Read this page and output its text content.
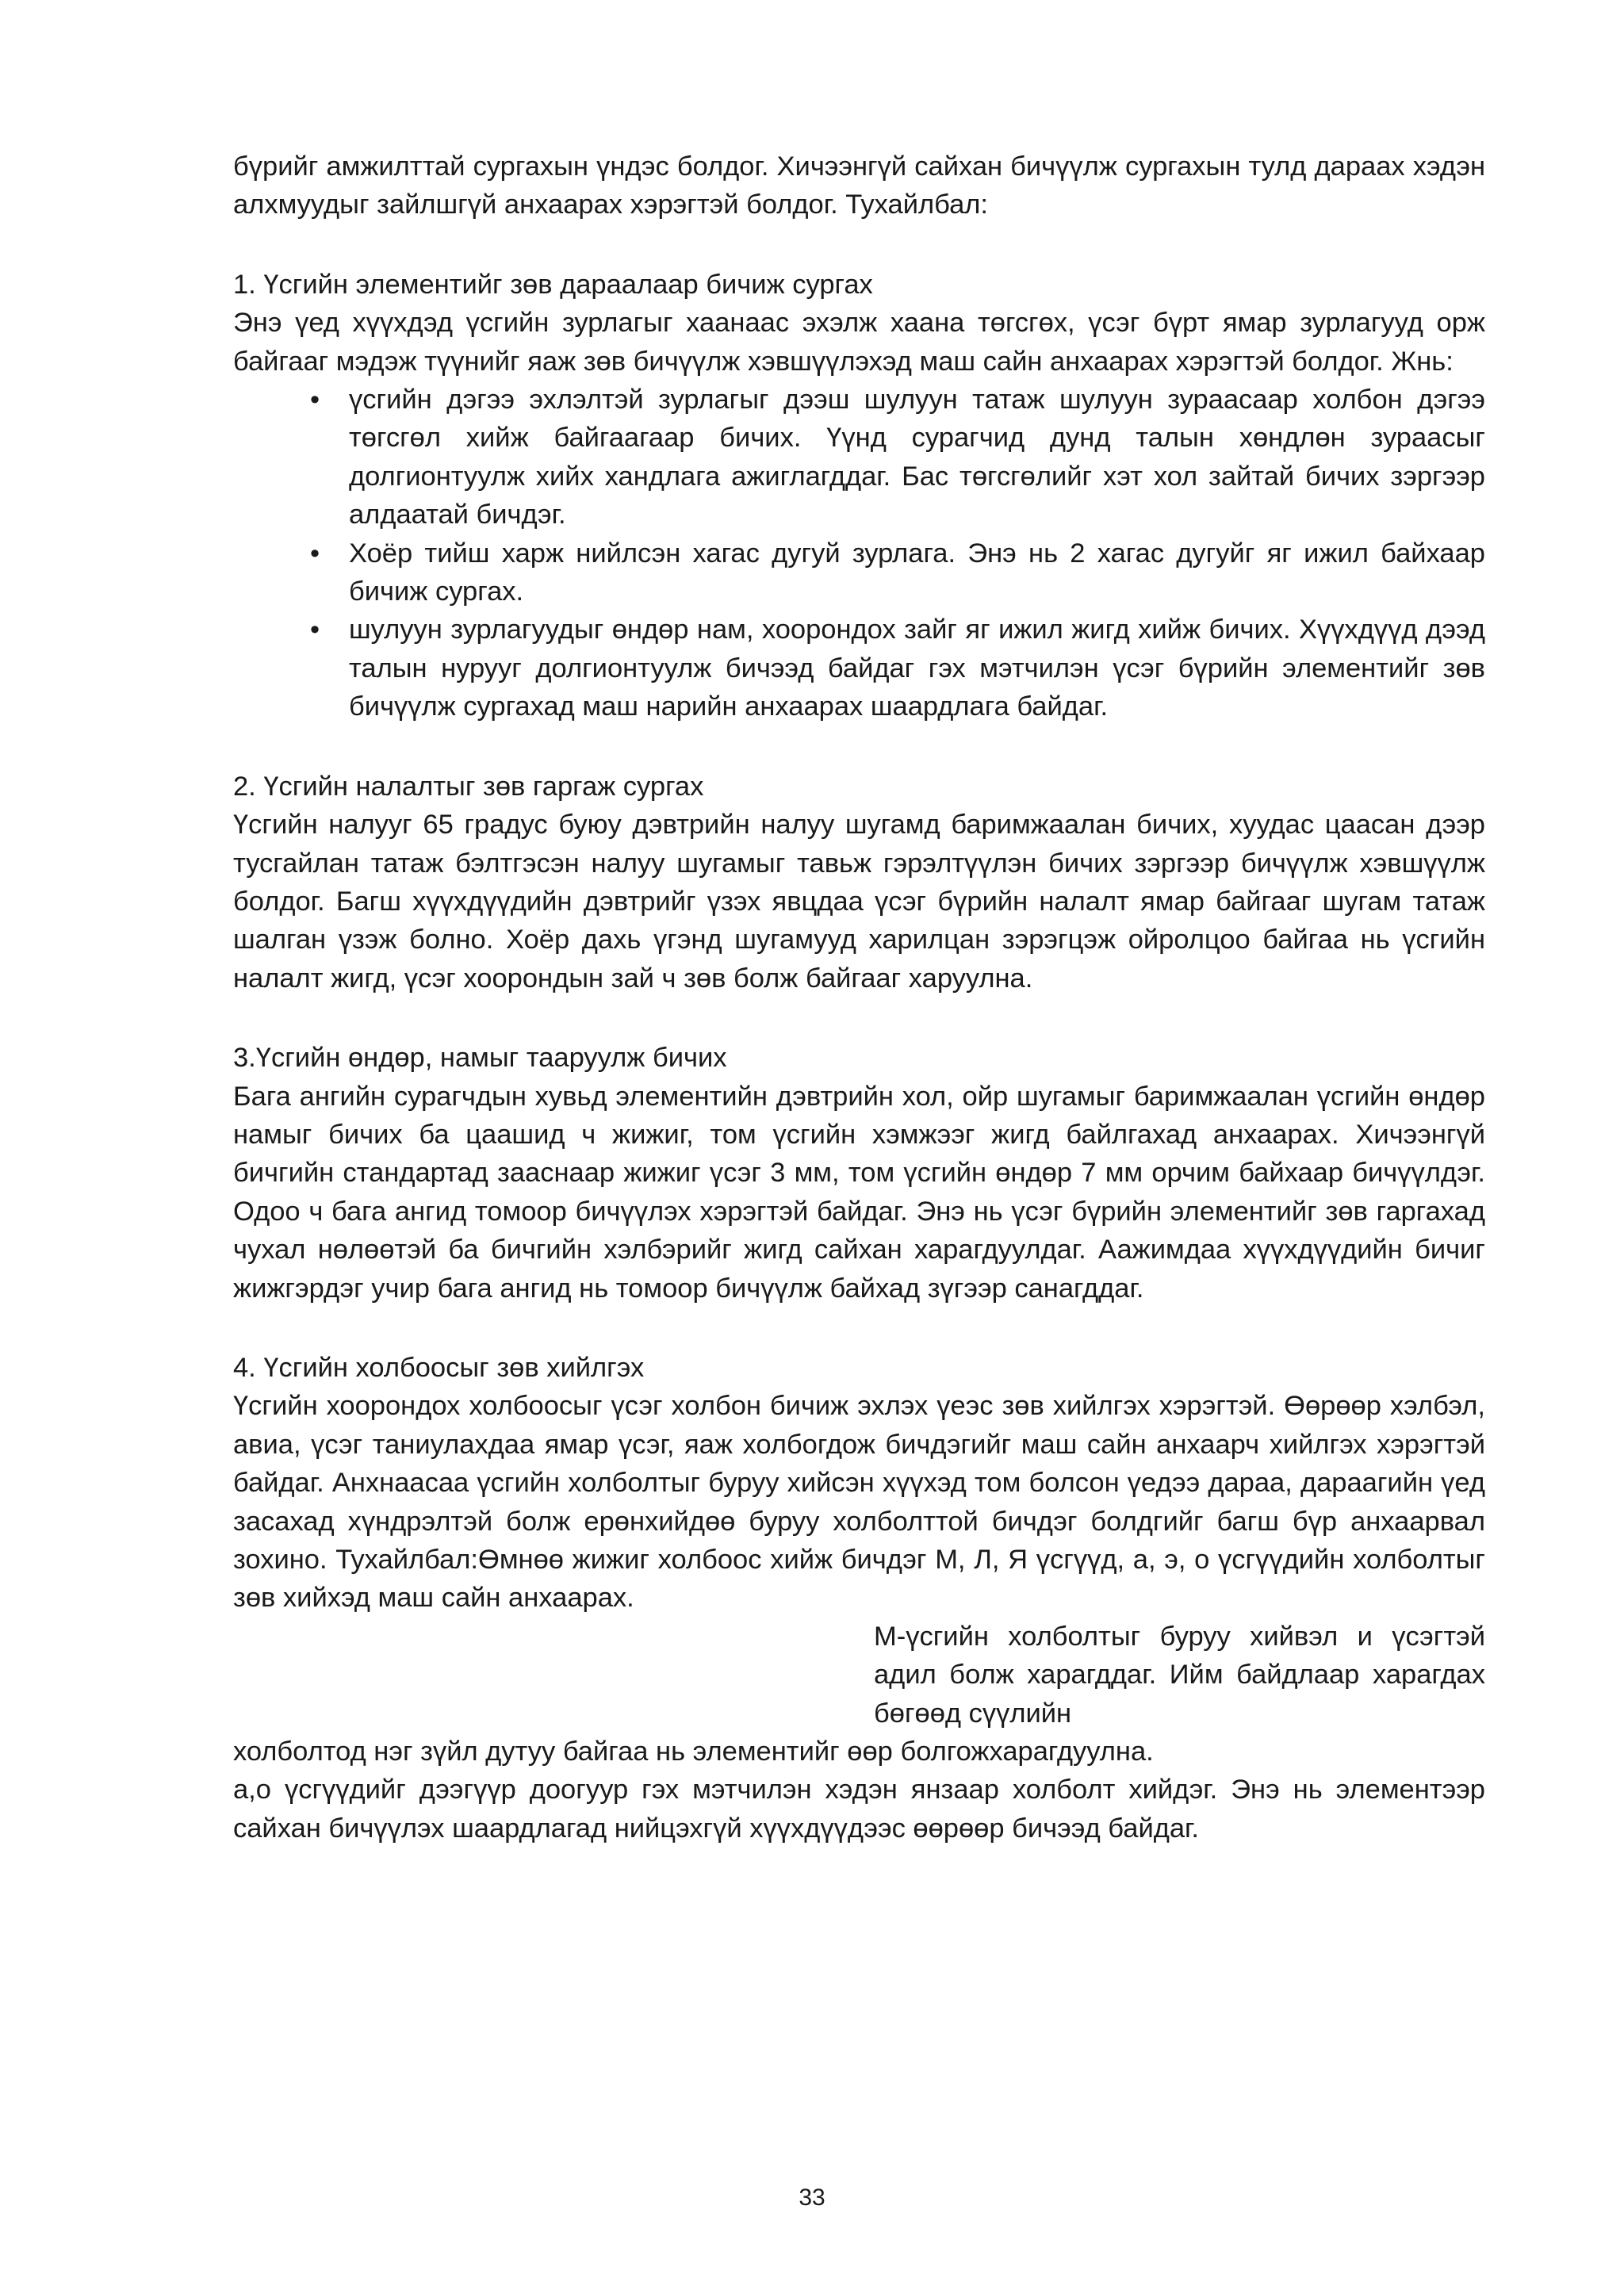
бүрийг амжилттай сургахын үндэс болдог. Хичээнгүй сайхан бичүүлж сургахын тулд дараах хэдэн алхмуудыг зайлшгүй анхаарах хэрэгтэй болдог. Тухайлбал:

1. Үсгийн элементийг зөв дараалаар бичиж сургах

Энэ үед хүүхдэд үсгийн зурлагыг хаанаас эхэлж хаана төгсгөх, үсэг бүрт ямар зурлагууд орж байгааг мэдэж түүнийг яаж зөв бичүүлж хэвшүүлэхэд маш сайн анхаарах хэрэгтэй болдог. Жнь:

• үсгийн дэгээ эхлэлтэй зурлагыг дээш шулуун татаж шулуун зураасаар холбон дэгээ төгсгөл хийж байгаагаар бичих. Үүнд сурагчид дунд талын хөндлөн зураасыг долгионтуулж хийх хандлага ажиглагддаг. Бас төгсгөлийг хэт хол зайтай бичих зэргээр алдаатай бичдэг.
• Хоёр тийш харж нийлсэн хагас дугуй зурлага. Энэ нь 2 хагас дугуйг яг ижил байхаар бичиж сургах.
• шулуун зурлагуудыг өндөр нам, хоорондох зайг яг ижил жигд хийж бичих. Хүүхдүүд дээд талын нурууг долгионтуулж бичээд байдаг гэх мэтчилэн үсэг бүрийн элементийг зөв бичүүлж сургахад маш нарийн анхаарах шаардлага байдаг.

2. Үсгийн налалтыг зөв гаргаж сургах

Үсгийн налууг 65 градус буюу дэвтрийн налуу шугамд баримжаалан бичих, хуудас цаасан дээр тусгайлан татаж бэлтгэсэн налуу шугамыг тавьж гэрэлтүүлэн бичих зэргээр бичүүлж хэвшүүлж болдог. Багш хүүхдүүдийн дэвтрийг үзэх явцдаа үсэг бүрийн налалт ямар байгааг шугам татаж шалган үзэж болно. Хоёр дахь үгэнд шугамууд харилцан зэрэгцэж ойролцоо байгаа нь үсгийн налалт жигд, үсэг хоорондын зай ч зөв болж байгааг харуулна.

3.Үсгийн өндөр, намыг тааруулж бичих

Бага ангийн сурагчдын хувьд элементийн дэвтрийн хол, ойр шугамыг баримжаалан үсгийн өндөр намыг бичих ба цаашид ч жижиг, том үсгийн хэмжээг жигд байлгахад анхаарах. Хичээнгүй бичгийн стандартад зааснаар жижиг үсэг 3 мм, том үсгийн өндөр 7 мм орчим байхаар бичүүлдэг. Одоо ч бага ангид томоор бичүүлэх хэрэгтэй байдаг. Энэ нь үсэг бүрийн элементийг зөв гаргахад чухал нөлөөтэй ба бичгийн хэлбэрийг жигд сайхан харагдуулдаг. Аажимдаа хүүхдүүдийн бичиг жижгэрдэг учир бага ангид нь томоор бичүүлж байхад зүгээр санагддаг.

4. Үсгийн холбоосыг зөв хийлгэх

Үсгийн хоорондох холбоосыг үсэг холбон бичиж эхлэх үеэс зөв хийлгэх хэрэгтэй. Өөрөөр хэлбэл, авиа, үсэг таниулахдаа ямар үсэг, яаж холбогдож бичдэгийг маш сайн анхаарч хийлгэх хэрэгтэй байдаг. Анхнаасаа үсгийн холболтыг буруу хийсэн хүүхэд том болсон үедээ дараа, дараагийн үед засахад хүндрэлтэй болж ерөнхийдөө буруу холболттой бичдэг болдгийг багш бүр анхаарвал зохино. Тухайлбал:Өмнөө жижиг холбоос хийж бичдэг М, Л, Я үсгүүд, а, э, о үсгүүдийн холболтыг зөв хийхэд маш сайн анхаарах.

М-үсгийн холболтыг буруу хийвэл и үсэгтэй адил болж харагддаг. Ийм байдлаар харагдах бөгөөд сүүлийн

холболтод нэг зүйл дутуу байгаа нь элементийг өөр болгожхарагдуулна.

а,о үсгүүдийг дээгүүр доогуур гэх мэтчилэн хэдэн янзаар холболт хийдэг. Энэ нь элементээр сайхан бичүүлэх шаардлагад нийцэхгүй хүүхдүүдээс өөрөөр бичээд байдаг.

33
